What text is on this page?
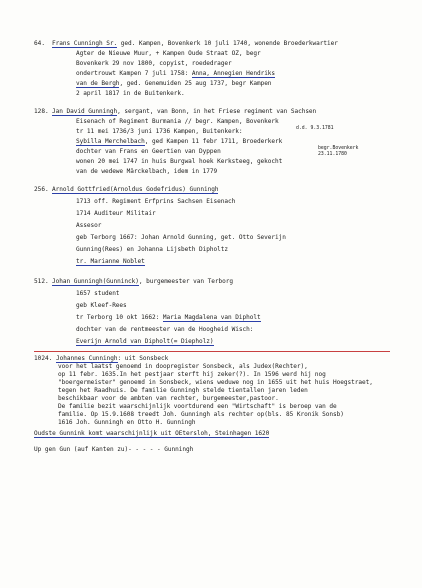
64. Frans Cunningh Sr. ged. Kampen, Bovenkerk 10 juli 1740, wonende Broederkwartier
Agter de Nieuwe Muur, + Kampen Oude Straat OZ, begr
Bovenkerk 29 nov 1800, copyist, roededrager
ondertrouwt Kampen 7 juli 1758: Anna, Annegien Hendriks
van de Bergh, ged. Genemuiden 25 aug 1737, begr Kampen
2 april 1817 in de Buitenkerk.
128. Jan David Gunningh, sergant, van Bonn, in het Friese regiment van Sachsen
Eisenach of Regiment Burmania // begr. Kampen, Bovenkerk
d.d. 9.3.1781
tr 11 mei 1736/3 juni 1736 Kampen, Buitenkerk:
Sybilla Merchelbach, ged Kampen 11 febr 1711, Broederkerk
begr.Bovenkerk
dochter van Frans en Geertien van Dyppen	23.11.1780
wonen 20 mei 1747 in huis Burgwal hoek Kerksteeg, gekocht
van de wedewe Märckelbach, idem in 1779
256. Arnold Gottfried(Arnoldus Godefridus) Gunningh
1713 off. Regiment Erfprins Sachsen Eisenach
1714 Auditeur Militair
Assesor
geb Terborg 1667: Johan Arnold Gunning, get. Otto Severijn
Gunning(Rees) en Johanna Lijsbeth Dipholtz
tr. Marianne Noblet
512. Johan Gunningh(Gunninck), burgemeester van Terborg
1657 student
geb Kleef-Rees
tr Terborg 10 okt 1662: Maria Magdalena van Dipholt
dochter van de rentmeester van de Hoogheid Wisch:
Everijn Arnold van Dipholt(= Diepholz)
1024. Johannes Cunningh: uit Sonsbeck
voor het laatst genoemd in doopregister Sonsbeck, als Judex(Rechter),
op 11 febr. 1635.In het pestjaar sterft hij zeker(?). In 1596 werd hij nog
"boergermeister" genoemd in Sonsbeck, wiens weduwe nog in 1655 uit het huis Hoegstraet,
tegen het Raadhuis. De familie Gunningh stelde tientallen jaren leden
beschikbaar voor de ambten van rechter, burgemeester,pastoor.
De familie bezit waarschijnlijk voortdurend een "Wirtschaft" is beroep van de
familie. Op 15.9.1608 treedt Joh. Gunningh als rechter op(bls. 85 Kronik Sonsb)
1616 Joh. Gunningh en Otto H. Gunningh
Oudste Gunnink komt waarschijnlijk uit OEtersloh, Steinhagen 1620
Up gen Gun (auf Kanten zu)- - - - - Gunningh
